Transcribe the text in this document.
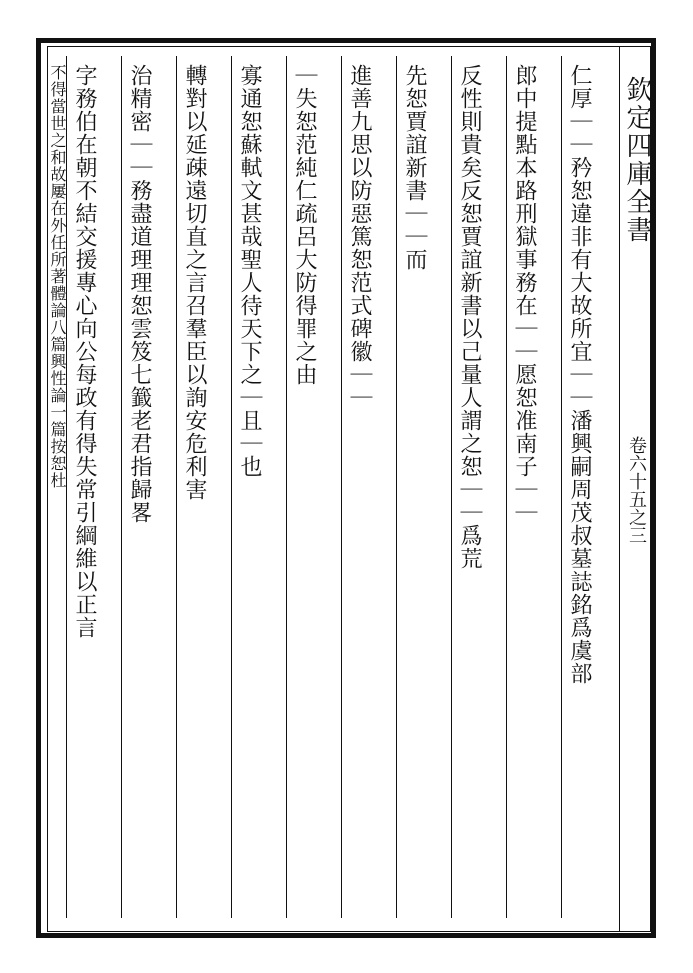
欽定四庫全書
卷六十五之三
仁厚｜｜矜恕違非有大故所宜｜｜潘興嗣周茂叔墓誌銘爲虞部
郎中提點本路刑獄事務在｜｜愿恕准南子｜｜
反性則貴矣反恕賈誼新書以己量人謂之恕｜｜爲荒
先恕賈誼新書｜｜而
進善九思以防惡篤恕范式碑徽｜｜
｜失恕范純仁疏呂大防得罪之由
寡通恕蘇軾文甚哉聖人待天下之｜且｜也
轉對以延疎遠切直之言召羣臣以詢安危利害
治精密｜｜務盡道理理恕雲笈七籖老君指歸畧
字務伯在朝不結交援專心向公每政有得失常引綱維以正言
不得當世之和故屢在外任所著體論八篇興性論一篇按恕杜
